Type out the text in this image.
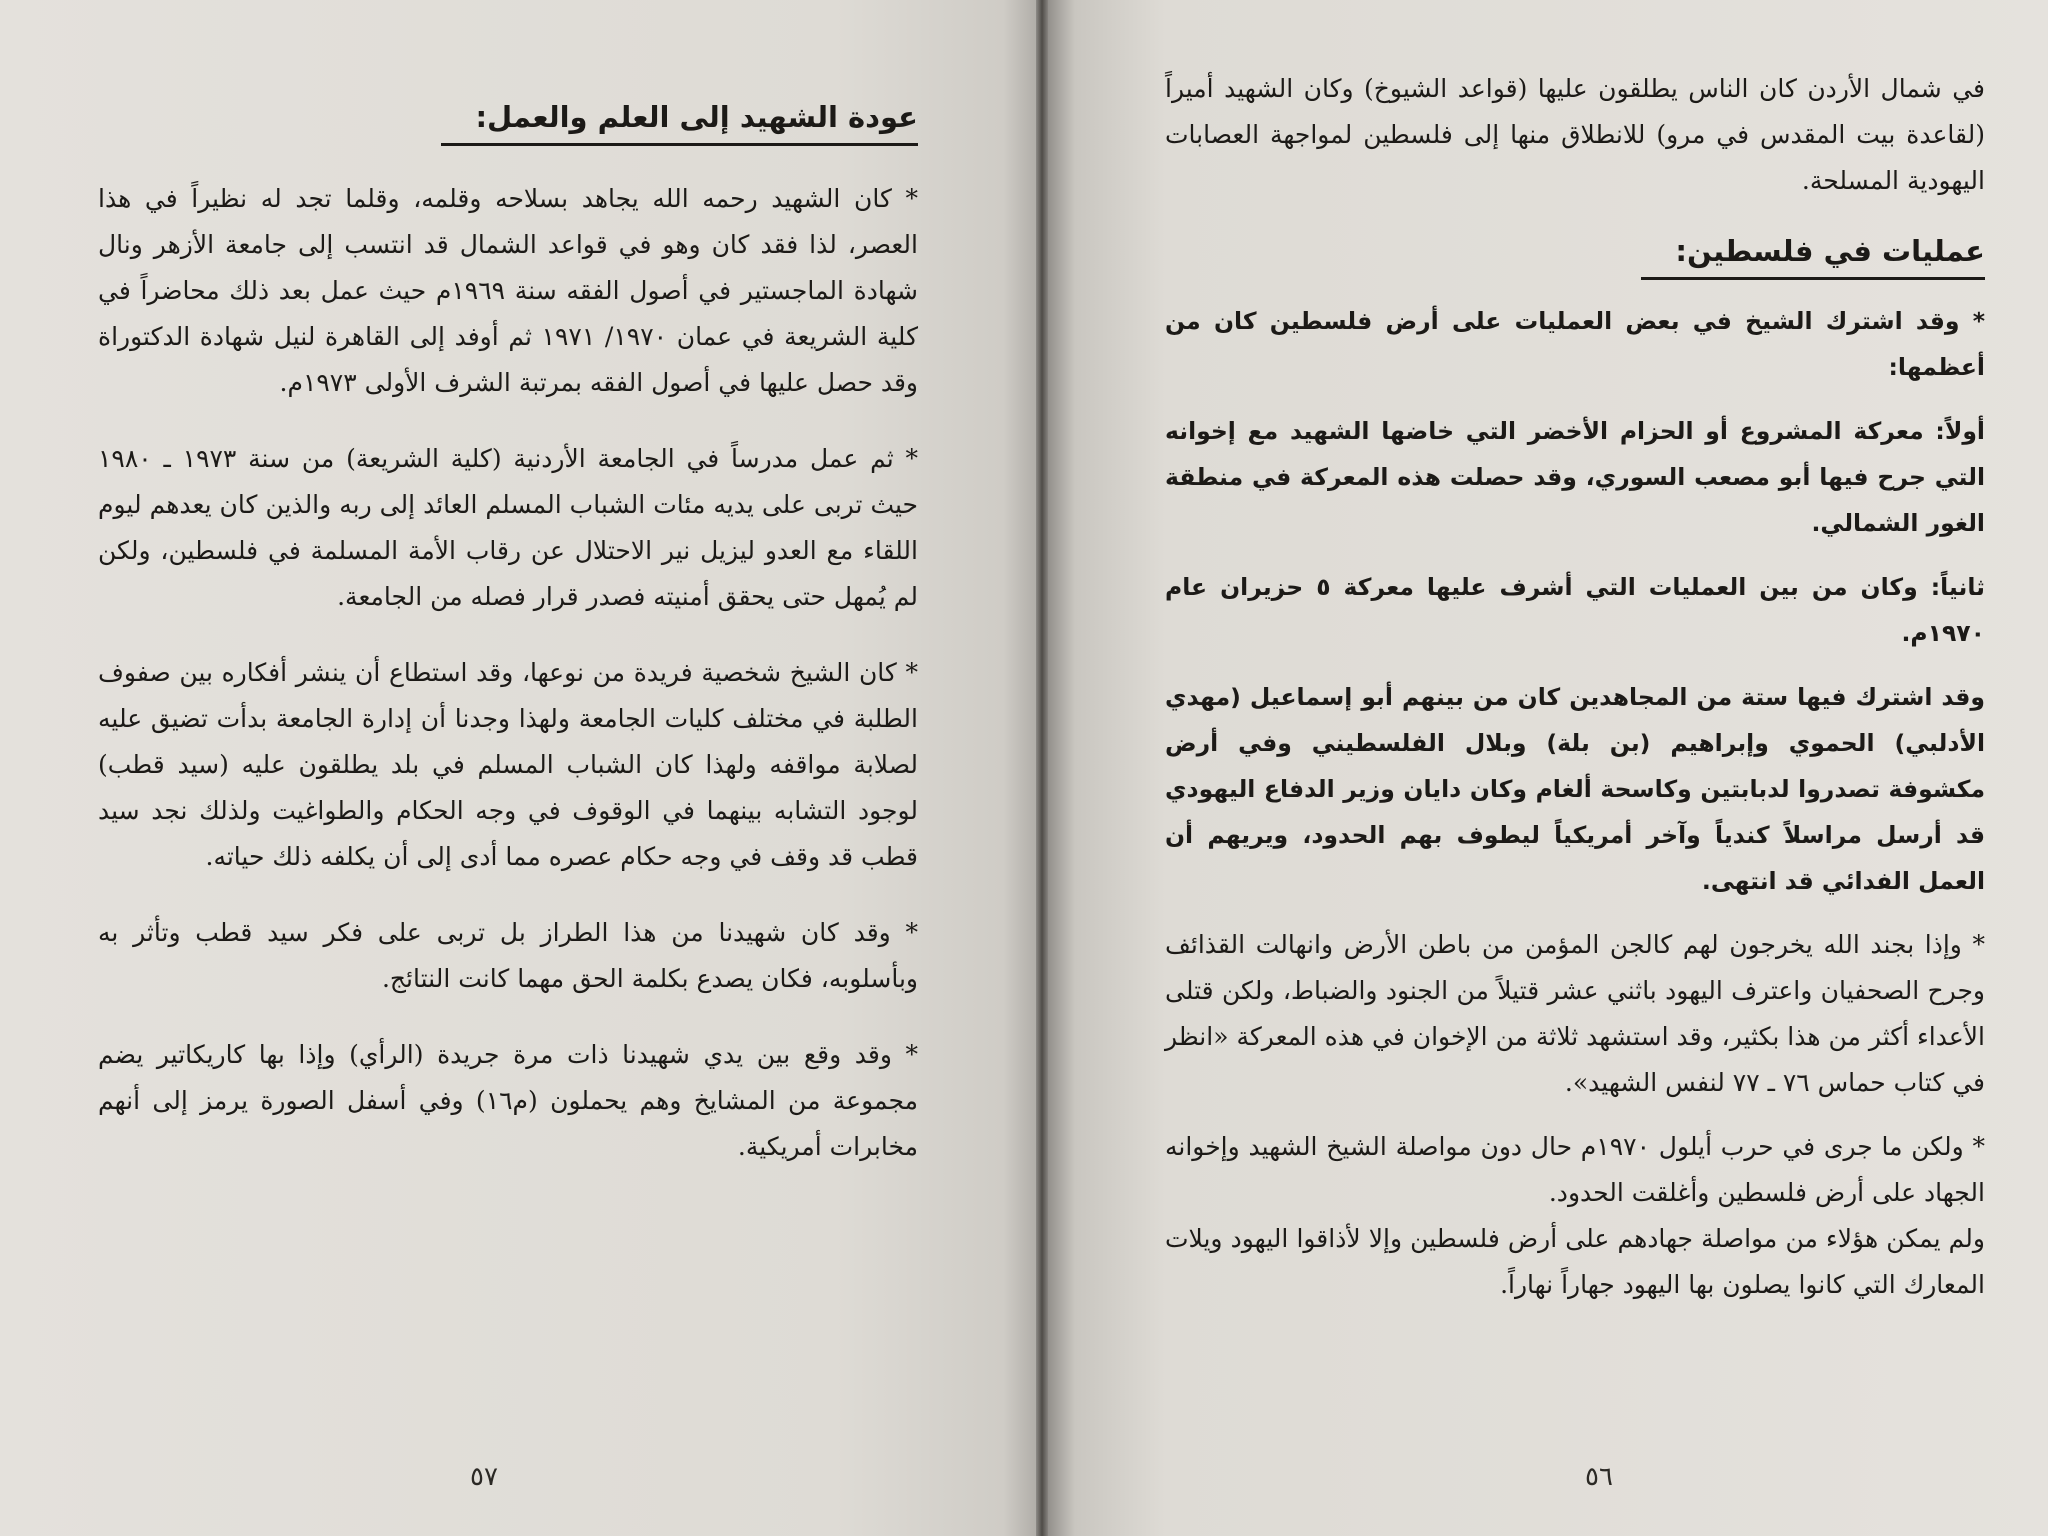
عودة الشهيد إلى العلم والعمل:

* كان الشهيد رحمه الله يجاهد بسلاحه وقلمه، وقلما تجد له نظيراً في هذا العصر، لذا فقد كان وهو في قواعد الشمال قد انتسب إلى جامعة الأزهر ونال شهادة الماجستير في أصول الفقه سنة ١٩٦٩م حيث عمل بعد ذلك محاضراً في كلية الشريعة في عمان ١٩٧٠/ ١٩٧١ ثم أوفد إلى القاهرة لنيل شهادة الدكتوراة وقد حصل عليها في أصول الفقه بمرتبة الشرف الأولى ١٩٧٣م.

* ثم عمل مدرساً في الجامعة الأردنية (كلية الشريعة) من سنة ١٩٧٣ ـ ١٩٨٠ حيث تربى على يديه مئات الشباب المسلم العائد إلى ربه والذين كان يعدهم ليوم اللقاء مع العدو ليزيل نير الاحتلال عن رقاب الأمة المسلمة في فلسطين، ولكن لم يُمهل حتى يحقق أمنيته فصدر قرار فصله من الجامعة.

* كان الشيخ شخصية فريدة من نوعها، وقد استطاع أن ينشر أفكاره بين صفوف الطلبة في مختلف كليات الجامعة ولهذا وجدنا أن إدارة الجامعة بدأت تضيق عليه لصلابة مواقفه ولهذا كان الشباب المسلم في بلد يطلقون عليه (سيد قطب) لوجود التشابه بينهما في الوقوف في وجه الحكام والطواغيت ولذلك نجد سيد قطب قد وقف في وجه حكام عصره مما أدى إلى أن يكلفه ذلك حياته.

* وقد كان شهيدنا من هذا الطراز بل تربى على فكر سيد قطب وتأثر به وبأسلوبه، فكان يصدع بكلمة الحق مهما كانت النتائج.

* وقد وقع بين يدي شهيدنا ذات مرة جريدة (الرأي) وإذا بها كاريكاتير يضم مجموعة من المشايخ وهم يحملون (م١٦) وفي أسفل الصورة يرمز إلى أنهم مخابرات أمريكية.

٥٧

في شمال الأردن كان الناس يطلقون عليها (قواعد الشيوخ) وكان الشهيد أميراً (لقاعدة بيت المقدس في مرو) للانطلاق منها إلى فلسطين لمواجهة العصابات اليهودية المسلحة.

عمليات في فلسطين:

* وقد اشترك الشيخ في بعض العمليات على أرض فلسطين كان من أعظمها:

أولاً: معركة المشروع أو الحزام الأخضر التي خاضها الشهيد مع إخوانه التي جرح فيها أبو مصعب السوري، وقد حصلت هذه المعركة في منطقة الغور الشمالي.

ثانياً: وكان من بين العمليات التي أشرف عليها معركة ٥ حزيران عام ١٩٧٠م.

وقد اشترك فيها ستة من المجاهدين كان من بينهم أبو إسماعيل (مهدي الأدلبي) الحموي وإبراهيم (بن بلة) وبلال الفلسطيني وفي أرض مكشوفة تصدروا لدبابتين وكاسحة ألغام وكان دايان وزير الدفاع اليهودي قد أرسل مراسلاً كندياً وآخر أمريكياً ليطوف بهم الحدود، ويريهم أن العمل الفدائي قد انتهى.

* وإذا بجند الله يخرجون لهم كالجن المؤمن من باطن الأرض وانهالت القذائف وجرح الصحفيان واعترف اليهود باثني عشر قتيلاً من الجنود والضباط، ولكن قتلى الأعداء أكثر من هذا بكثير، وقد استشهد ثلاثة من الإخوان في هذه المعركة «انظر في كتاب حماس ٧٦ ـ ٧٧ لنفس الشهيد».

* ولكن ما جرى في حرب أيلول ١٩٧٠م حال دون مواصلة الشيخ الشهيد وإخوانه الجهاد على أرض فلسطين وأغلقت الحدود.

ولم يمكن هؤلاء من مواصلة جهادهم على أرض فلسطين وإلا لأذاقوا اليهود ويلات المعارك التي كانوا يصلون بها اليهود جهاراً نهاراً.

٥٦
